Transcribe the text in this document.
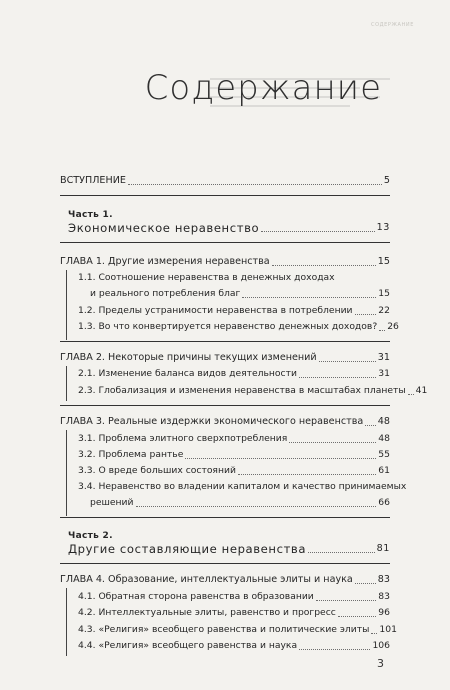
СОДЕРЖАНИЕ
Содержание
ВСТУПЛЕНИЕ	5
Часть 1.
Экономическое неравенство	13
ГЛАВА 1. Другие измерения неравенства	15
1.1. Соотношение неравенства в денежных доходах
и реального потребления благ	15
1.2. Пределы устранимости неравенства в потреблении	22
1.3. Во что конвертируется неравенство денежных доходов? 26
ГЛАВА 2. Некоторые причины текущих изменений	31
2.1. Изменение баланса видов деятельности	31
2.3. Глобализация и изменения неравенства в масштабах планеты 41
ГЛАВА 3. Реальные издержки экономического неравенства 48
3.1. Проблема элитного сверхпотребления	48
3.2. Проблема рантье	55
3.3. О вреде больших состояний	61
3.4. Неравенство во владении капиталом и качество принимаемых
решений	66
Часть 2.
Другие составляющие неравенства	81
ГЛАВА 4. Образование, интеллектуальные элиты и наука	83
4.1. Обратная сторона равенства в образовании	83
4.2. Интеллектуальные элиты, равенство и прогресс	96
4.3. «Религия» всеобщего равенства и политические элиты 101
4.4. «Религия» всеобщего равенства и наука	106
3
